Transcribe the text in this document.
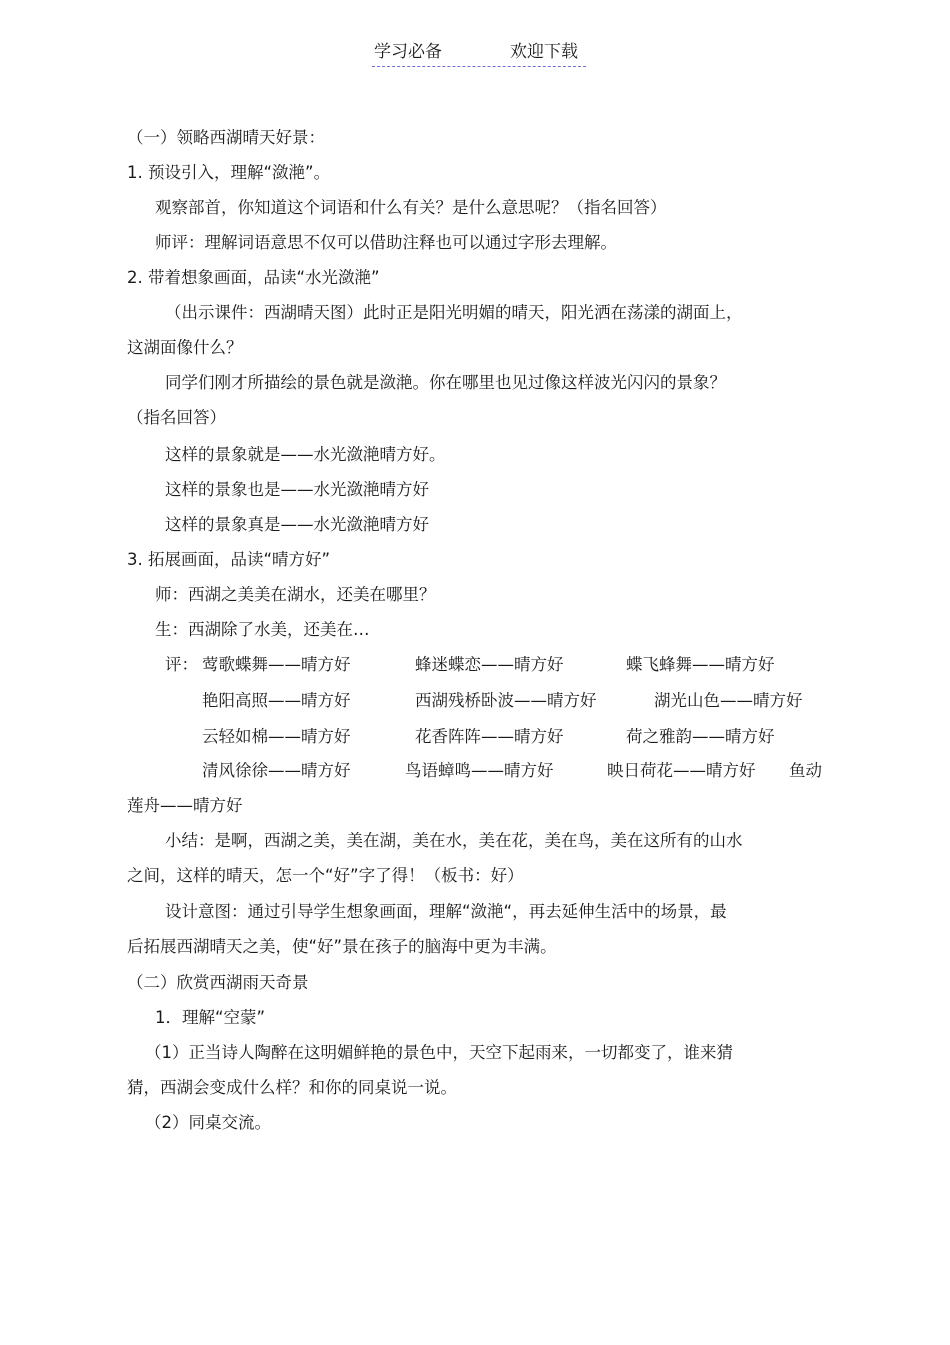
学习必备	欢迎下载
（一）领略西湖晴天好景：
1. 预设引入，理解“潋滟”。
观察部首，你知道这个词语和什么有关？是什么意思呢？（指名回答）
师评：理解词语意思不仅可以借助注释也可以通过字形去理解。
2. 带着想象画面，品读“水光潋滟”
（出示课件：西湖晴天图）此时正是阳光明媚的晴天，阳光洒在荡漾的湖面上，
这湖面像什么？
同学们刚才所描绘的景色就是潋滟。你在哪里也见过像这样波光闪闪的景象？
（指名回答）
这样的景象就是——水光潋滟晴方好。
这样的景象也是——水光潋滟晴方好
这样的景象真是——水光潋滟晴方好
3. 拓展画面，品读“晴方好”
师：西湖之美美在湖水，还美在哪里？
生：西湖除了水美，还美在…
评： 莺歌蝶舞——晴方好	蜂迷蝶恋——晴方好	蝶飞蜂舞——晴方好
艳阳高照——晴方好	西湖残桥卧波——晴方好	湖光山色——晴方好
云轻如棉——晴方好	花香阵阵——晴方好	荷之雅韵——晴方好
清风徐徐——晴方好	鸟语蟑鸣——晴方好	映日荷花——晴方好 鱼动
莲舟——晴方好
小结：是啊，西湖之美，美在湖，美在水，美在花，美在鸟，美在这所有的山水
之间，这样的晴天，怎一个“好”字了得！（板书：好）
设计意图：通过引导学生想象画面，理解“潋滟“，再去延伸生活中的场景，最
后拓展西湖晴天之美，使“好”景在孩子的脑海中更为丰满。
（二）欣赏西湖雨天奇景
1．理解“空蒙”
（1）正当诗人陶醉在这明媚鲜艳的景色中，天空下起雨来，一切都变了，谁来猜
猜，西湖会变成什么样？和你的同桌说一说。
（2）同桌交流。
